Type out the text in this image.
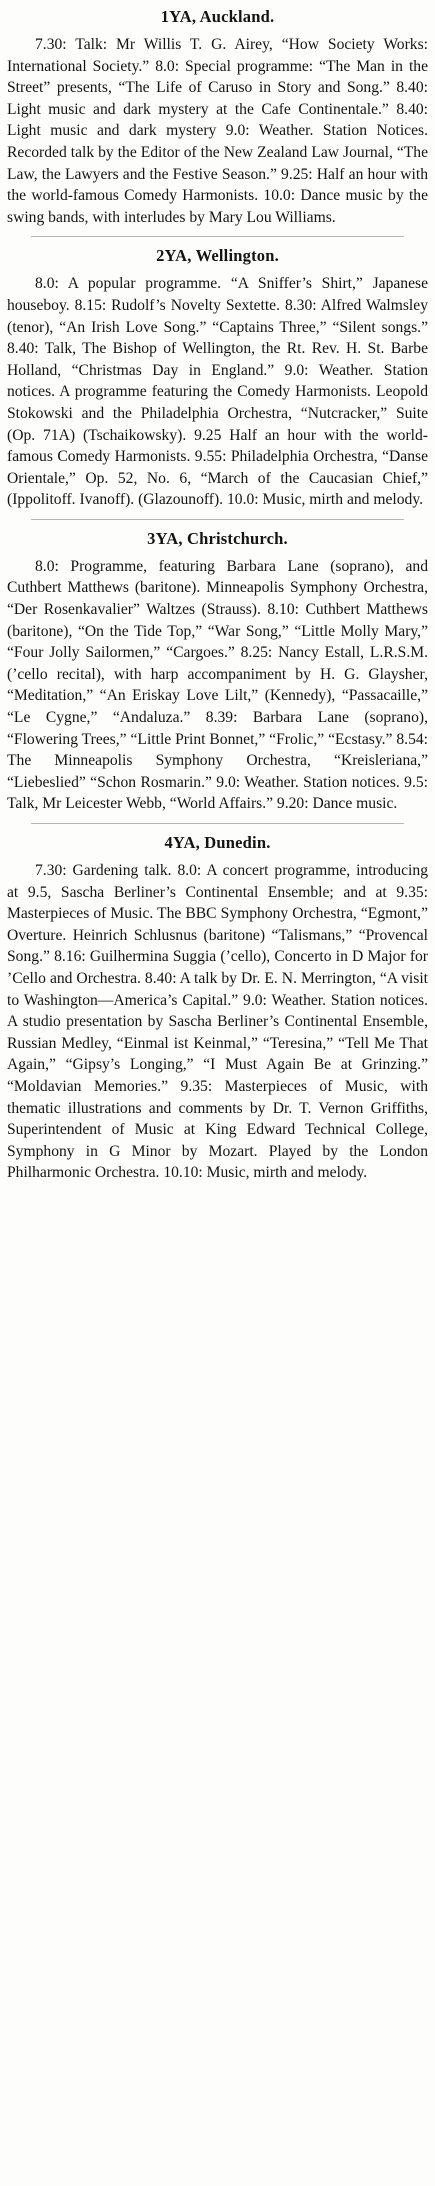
1YA, Auckland.

7.30: Talk: Mr Willis T. G. Airey, “How Society Works: International Society.” 8.0: Special programme: “The Man in the Street” presents, “The Life of Caruso in Story and Song.” 8.40: Light music and dark mystery at the Cafe Continentale.” 8.40: Light music and dark mystery 9.0: Weather. Station Notices. Recorded talk by the Editor of the New Zealand Law Journal, “The Law, the Lawyers and the Festive Season.” 9.25: Half an hour with the world-famous Comedy Harmonists. 10.0: Dance music by the swing bands, with interludes by Mary Lou Williams.

2YA, Wellington.

8.0: A popular programme. “A Sniffer’s Shirt,” Japanese houseboy. 8.15: Rudolf’s Novelty Sextette. 8.30: Alfred Walmsley (tenor), “An Irish Love Song.” “Captains Three,” “Silent songs.” 8.40: Talk, The Bishop of Wellington, the Rt. Rev. H. St. Barbe Holland, “Christmas Day in England.” 9.0: Weather. Station notices. A programme featuring the Comedy Harmonists. Leopold Stokowski and the Philadelphia Orchestra, “Nutcracker,” Suite (Op. 71A) (Tschaikowsky). 9.25 Half an hour with the world-famous Comedy Harmonists. 9.55: Philadelphia Orchestra, “Danse Orientale,” Op. 52, No. 6, “March of the Caucasian Chief,” (Ippolitoff. Ivanoff). (Glazounoff). 10.0: Music, mirth and melody.

3YA, Christchurch.

8.0: Programme, featuring Barbara Lane (soprano), and Cuthbert Matthews (baritone). Minneapolis Symphony Orchestra, “Der Rosenkavalier” Waltzes (Strauss). 8.10: Cuthbert Matthews (baritone), “On the Tide Top,” “War Song,” “Little Molly Mary,” “Four Jolly Sailormen,” “Cargoes.” 8.25: Nancy Estall, L.R.S.M. (’cello recital), with harp accompaniment by H. G. Glaysher, “Meditation,” “An Eriskay Love Lilt,” (Kennedy), “Passacaille,” “Le Cygne,” “Andaluza.” 8.39: Barbara Lane (soprano), “Flowering Trees,” “Little Print Bonnet,” “Frolic,” “Ecstasy.” 8.54: The Minneapolis Symphony Orchestra, “Kreisleriana,” “Liebeslied” “Schon Rosmarin.” 9.0: Weather. Station notices. 9.5: Talk, Mr Leicester Webb, “World Affairs.” 9.20: Dance music.

4YA, Dunedin.

7.30: Gardening talk. 8.0: A concert programme, introducing at 9.5, Sascha Berliner’s Continental Ensemble; and at 9.35: Masterpieces of Music. The BBC Symphony Orchestra, “Egmont,” Overture. Heinrich Schlusnus (baritone) “Talismans,” “Provencal Song.” 8.16: Guilhermina Suggia (’cello), Concerto in D Major for ’Cello and Orchestra. 8.40: A talk by Dr. E. N. Merrington, “A visit to Washington—America’s Capital.” 9.0: Weather. Station notices. A studio presentation by Sascha Berliner’s Continental Ensemble, Russian Medley, “Einmal ist Keinmal,” “Teresina,” “Tell Me That Again,” “Gipsy’s Longing,” “I Must Again Be at Grinzing.” “Moldavian Memories.” 9.35: Masterpieces of Music, with thematic illustrations and comments by Dr. T. Vernon Griffiths, Superintendent of Music at King Edward Technical College, Symphony in G Minor by Mozart. Played by the London Philharmonic Orchestra. 10.10: Music, mirth and melody.
